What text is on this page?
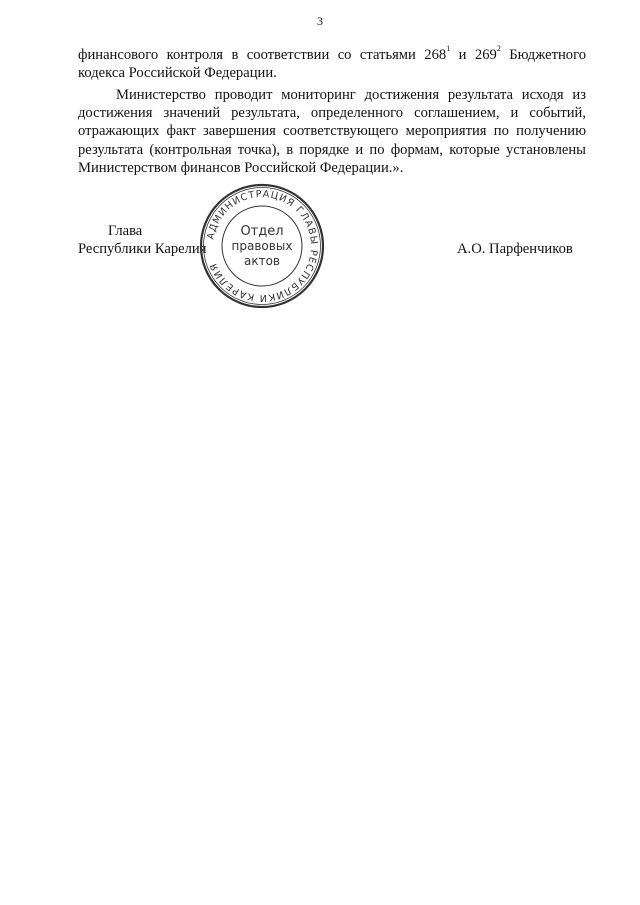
3

финансового контроля в соответствии со статьями $268^1$ и $269^2$ Бюджетного кодекса Российской Федерации.

Министерство проводит мониторинг достижения результата исходя из достижения значений результата, определенного соглашением, и событий, отражающих факт завершения соответствующего мероприятия по получению результата (контрольная точка), в порядке и по формам, которые установлены Министерством финансов Российской Федерации.».

Глава
Республики Карелия	А.О. Парфенчиков
АДМИНИСТРАЦИЯ ГЛАВЫ РЕСПУБЛИКИ КАРЕЛИЯ
Отдел
правовых
актов
